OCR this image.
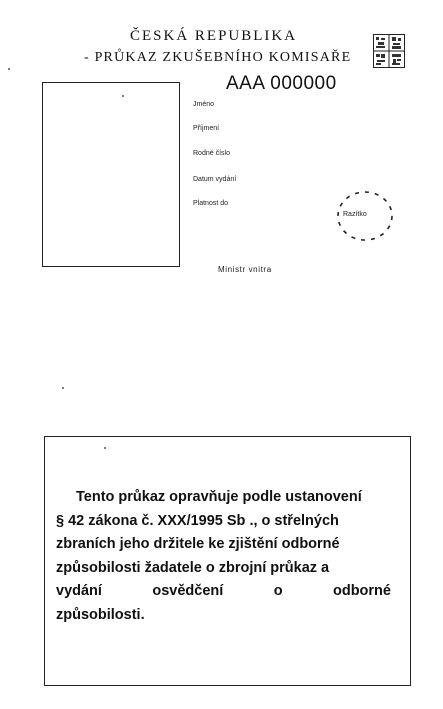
ČESKÁ REPUBLIKA
- PRŮKAZ ZKUŠEBNÍHO KOMISAŘE
AAA 000000
Jméno
Příjmení
Rodné číslo
Datum vydání
Platnost do
Razítko
Ministr vnitra
Tento průkaz opravňuje podle ustanovení
§ 42 zákona č. XXX/1995 Sb ., o střelných
zbraních jeho držitele ke zjištění odborné
způsobilosti žadatele o zbrojní průkaz a
vydání	osvědčení	o	odborné
způsobilosti.
